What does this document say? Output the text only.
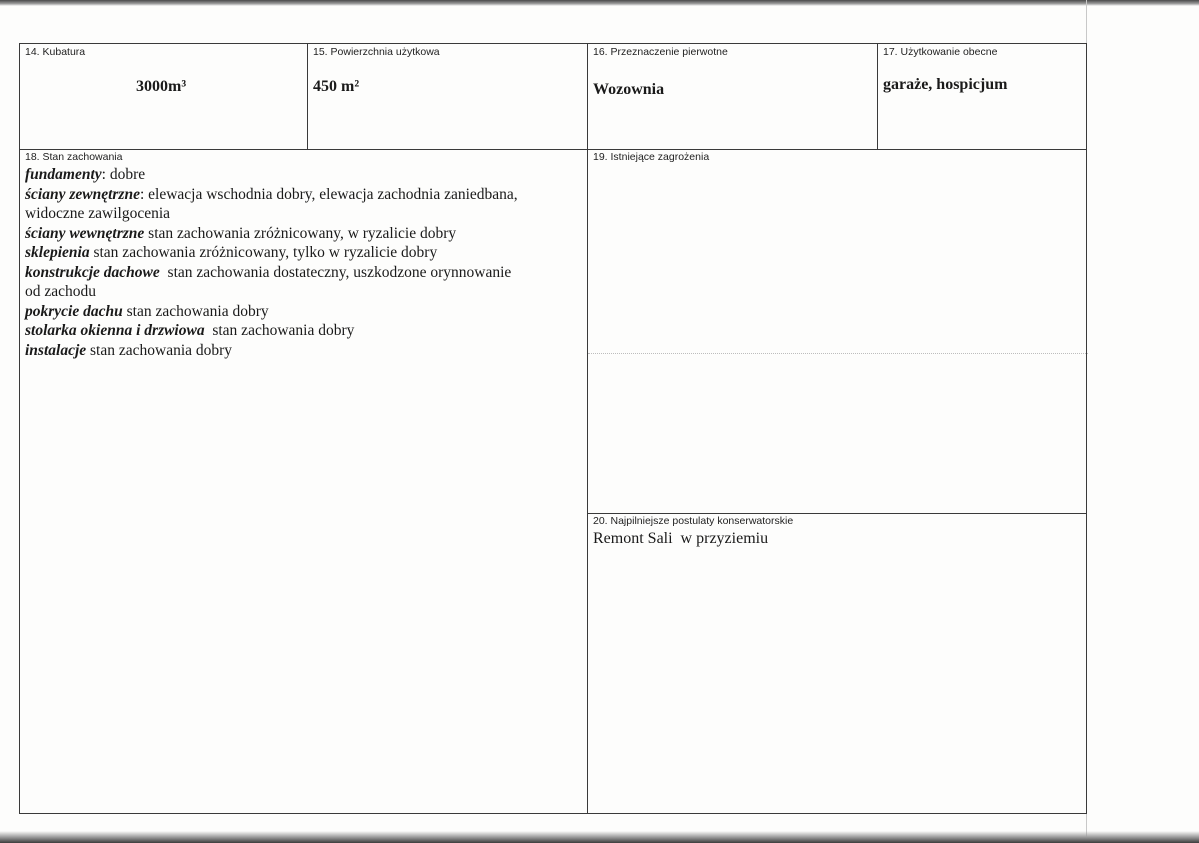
14. Kubatura
3000m³
15. Powierzchnia użytkowa
450 m²
16. Przeznaczenie pierwotne
Wozownia
17. Użytkowanie obecne
garaże, hospicjum
18. Stan zachowania
fundamenty: dobre
ściany zewnętrzne: elewacja wschodnia dobry, elewacja zachodnia zaniedbana,
widoczne zawilgocenia
ściany wewnętrzne stan zachowania zróżnicowany, w ryzalicie dobry
sklepienia stan zachowania zróżnicowany, tylko w ryzalicie dobry
konstrukcje dachowe  stan zachowania dostateczny, uszkodzone orynnowanie
od zachodu
pokrycie dachu stan zachowania dobry
stolarka okienna i drzwiowa  stan zachowania dobry
instalacje stan zachowania dobry
19. Istniejące zagrożenia
20. Najpilniejsze postulaty konserwatorskie
Remont Sali  w przyziemiu
